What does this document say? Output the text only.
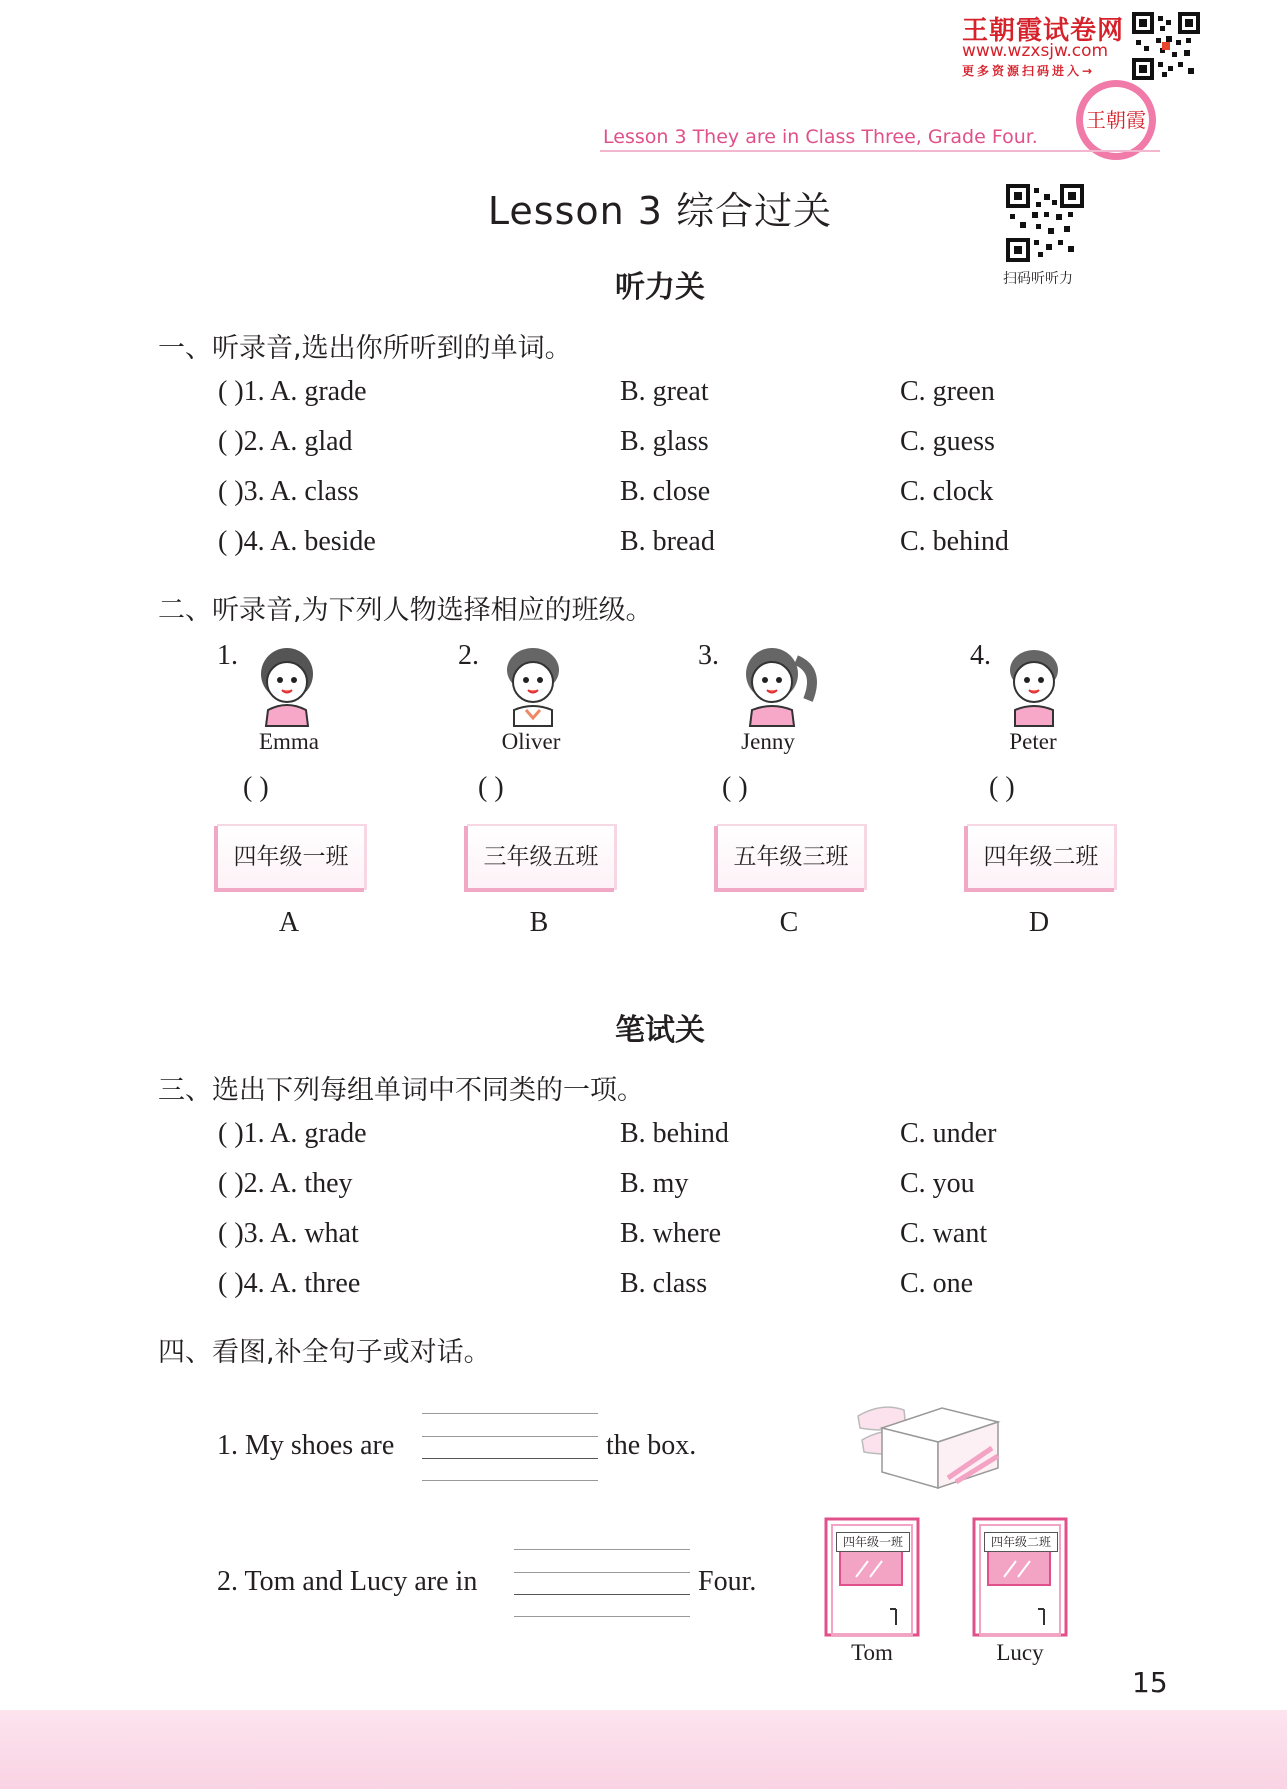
王朝霞试卷网
www.wzxsjw.com
更多资源扫码进入→
王朝霞
Lesson 3 They are in Class Three, Grade Four.
Lesson 3 综合过关
扫码听听力
听力关
一、听录音,选出你所听到的单词。
( )1. A. grade	B. great	C. green
( )2. A. glad	B. glass	C. guess
( )3. A. class	B. close	C. clock
( )4. A. beside	B. bread	C. behind
二、听录音,为下列人物选择相应的班级。
1.
Emma
( )
2.
Oliver
( )
3.
Jenny
( )
4.
Peter
( )
四年级一班
A
三年级五班
B
五年级三班
C
四年级二班
D
笔试关
三、选出下列每组单词中不同类的一项。
( )1. A. grade	B. behind	C. under
( )2. A. they	B. my	C. you
( )3. A. what	B. where	C. want
( )4. A. three	B. class	C. one
四、看图,补全句子或对话。
1. My shoes are	the box.
2. Tom and Lucy are in	Four.
四年级一班
Tom
四年级二班
Lucy
15
